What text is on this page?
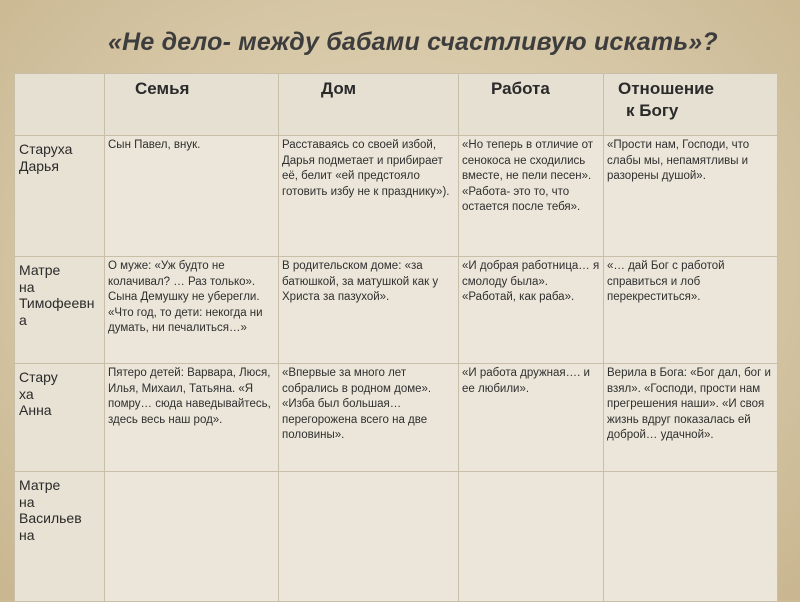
«Не дело- между бабами счастливую искать»?
	Семья	Дом	Работа	Отношение
к Богу
Старуха
Дарья	Сын Павел, внук.	Расставаясь со своей избой, Дарья подметает и прибирает её, белит «ей предстояло готовить избу не к празднику»).	«Но теперь в отличие от сенокоса не сходились вместе, не пели песен». «Работа- это то, что остается после тебя».	«Прости нам, Господи, что слабы мы, непамятливы и разорены душой».
Матре
на
Тимофеевн
а	О муже: «Уж будто не колачивал? … Раз только». Сына Демушку не уберегли. «Что год, то дети: некогда ни думать, ни печалиться…»	В родительском доме: «за батюшкой, за матушкой как у Христа за пазухой».	«И добрая работница… я смолоду была». «Работай, как раба».	«… дай Бог с работой справиться и лоб перекреститься».
Стару
ха
Анна	Пятеро детей: Варвара, Люся, Илья, Михаил, Татьяна. «Я помру… сюда наведывайтесь, здесь весь наш род».	«Впервые за много лет собрались в родном доме». «Изба был большая… перегорожена всего на две половины».	«И работа дружная…. и ее любили».	Верила в Бога: «Бог дал, бог и взял». «Господи, прости нам прегрешения наши». «И своя жизнь вдруг показалась ей доброй… удачной».
Матре
на
Васильев
на				
